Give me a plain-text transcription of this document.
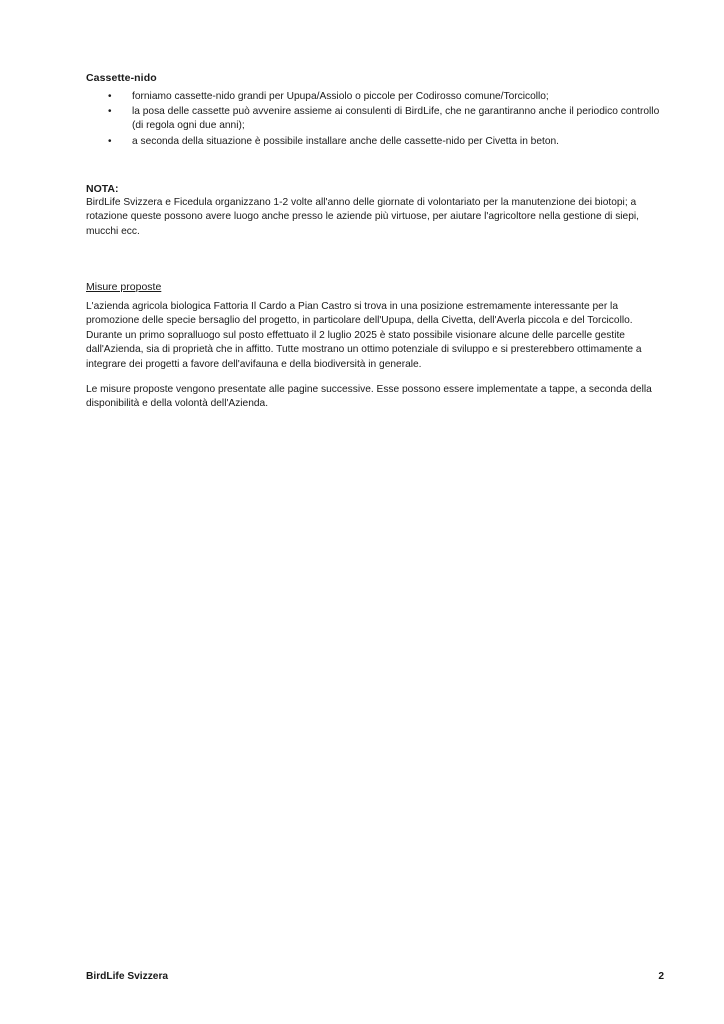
Cassette-nido
• forniamo cassette-nido grandi per Upupa/Assiolo o piccole per Codirosso comune/Torcicollo;
• la posa delle cassette può avvenire assieme ai consulenti di BirdLife, che ne garantiranno anche il periodico controllo (di regola ogni due anni);
• a seconda della situazione è possibile installare anche delle cassette-nido per Civetta in beton.
NOTA:

BirdLife Svizzera e Ficedula organizzano 1-2 volte all'anno delle giornate di volontariato per la manutenzione dei biotopi; a rotazione queste possono avere luogo anche presso le aziende più virtuose, per aiutare l'agricoltore nella gestione di siepi, mucchi ecc.

Misure proposte

L'azienda agricola biologica Fattoria Il Cardo a Pian Castro si trova in una posizione estremamente interessante per la promozione delle specie bersaglio del progetto, in particolare dell'Upupa, della Civetta, dell'Averla piccola e del Torcicollo. Durante un primo sopralluogo sul posto effettuato il 2 luglio 2025 è stato possibile visionare alcune delle parcelle gestite dall'Azienda, sia di proprietà che in affitto. Tutte mostrano un ottimo potenziale di sviluppo e si presterebbero ottimamente a integrare dei progetti a favore dell'avifauna e della biodiversità in generale.

Le misure proposte vengono presentate alle pagine successive. Esse possono essere implementate a tappe, a seconda della disponibilità e della volontà dell'Azienda.

BirdLife Svizzera	2
